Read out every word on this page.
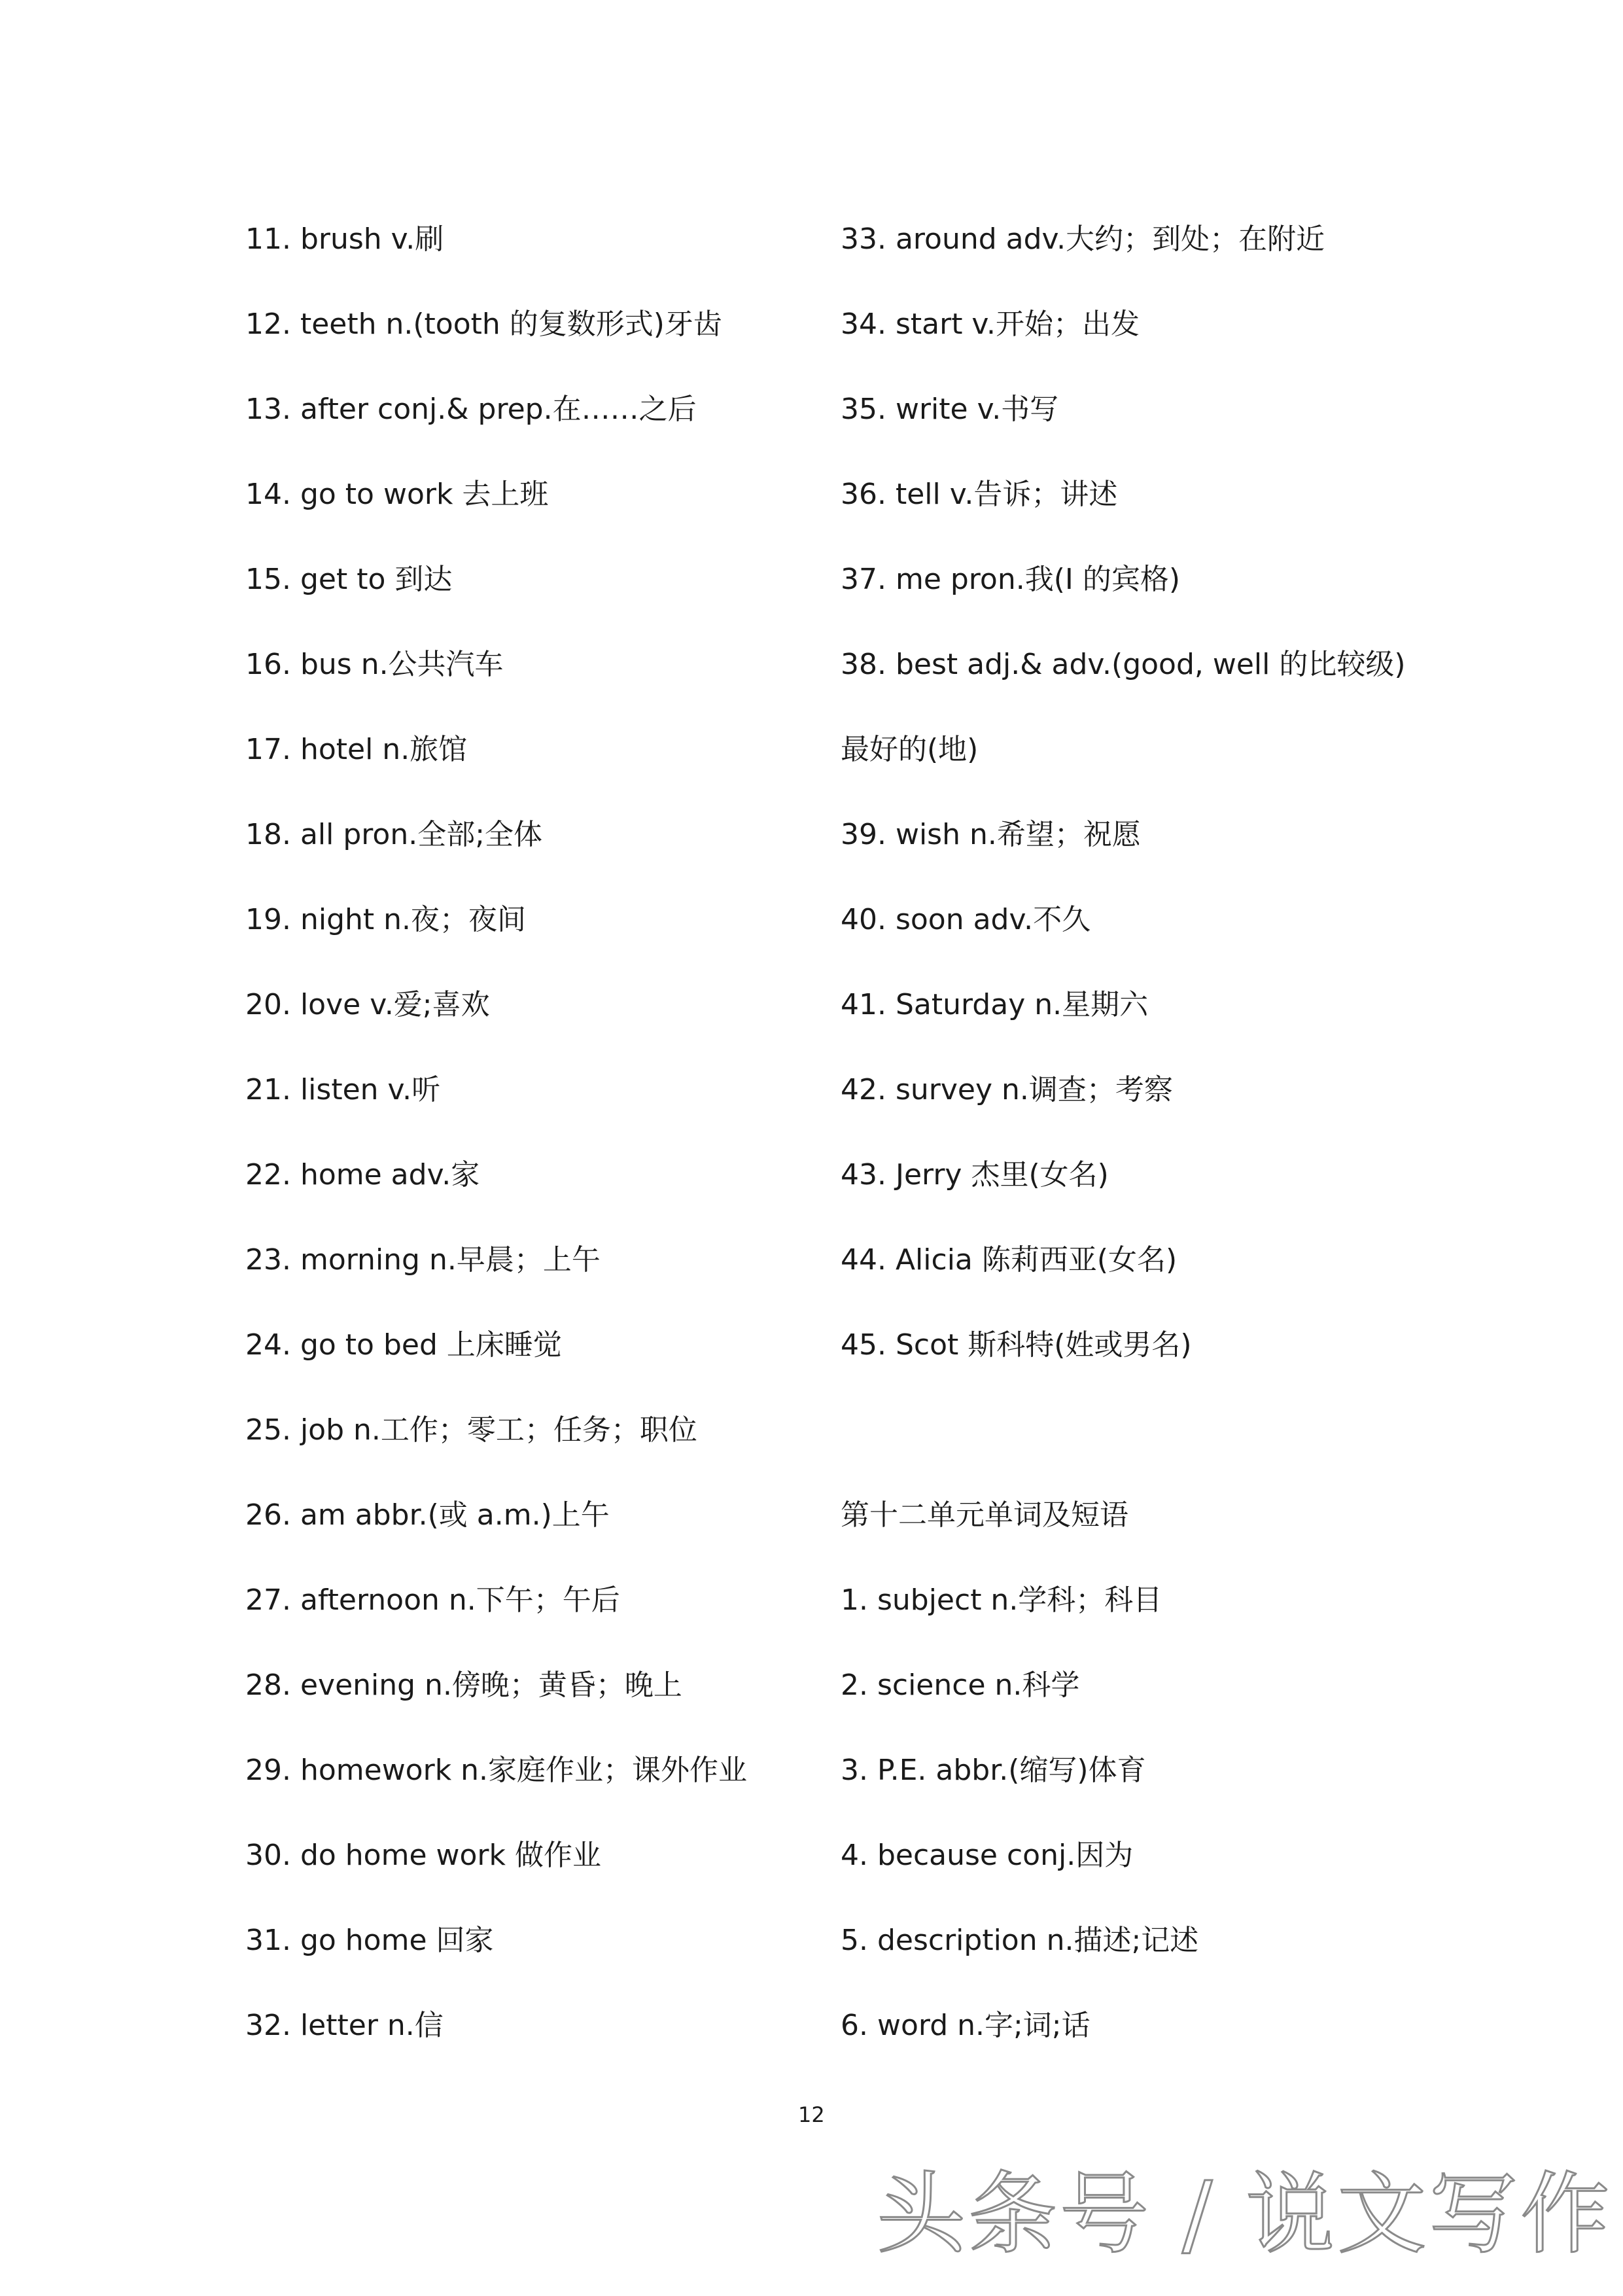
11. brush v.刷
12. teeth n.(tooth 的复数形式)牙齿
13. after conj.& prep.在……之后
14. go to work 去上班
15. get to 到达
16. bus n.公共汽车
17. hotel n.旅馆
18. all pron.全部;全体
19. night n.夜；夜间
20. love v.爱;喜欢
21. listen v.听
22. home adv.家
23. morning n.早晨；上午
24. go to bed 上床睡觉
25. job n.工作；零工；任务；职位
26. am abbr.(或 a.m.)上午
27. afternoon n.下午；午后
28. evening n.傍晚；黄昏；晚上
29. homework n.家庭作业；课外作业
30. do home work 做作业
31. go home 回家
32. letter n.信
33. around adv.大约；到处；在附近
34. start v.开始；出发
35. write v.书写
36. tell v.告诉；讲述
37. me pron.我(I 的宾格)
38. best adj.& adv.(good, well 的比较级)
最好的(地)
39. wish n.希望；祝愿
40. soon adv.不久
41. Saturday n.星期六
42. survey n.调查；考察
43. Jerry 杰里(女名)
44. Alicia 陈莉西亚(女名)
45. Scot 斯科特(姓或男名)
第十二单元单词及短语
1. subject n.学科；科目
2. science n.科学
3. P.E. abbr.(缩写)体育
4. because conj.因为
5. description n.描述;记述
6. word n.字;词;话
12
头条号 / 说文写作
